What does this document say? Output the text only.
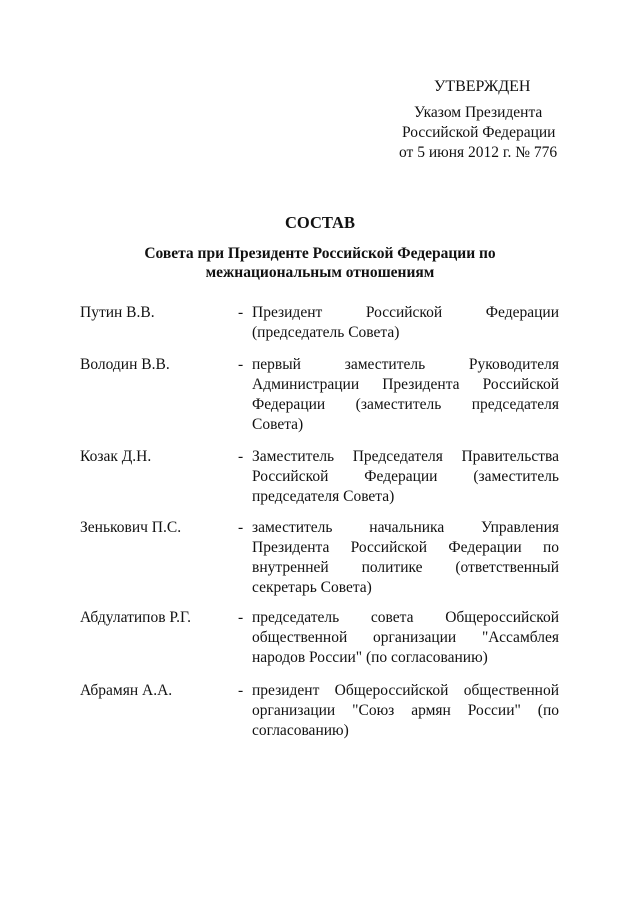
УТВЕРЖДЕН
Указом Президента
Российской Федерации
от 5 июня 2012 г. № 776
СОСТАВ
Совета при Президенте Российской Федерации по межнациональным отношениям
Путин В.В.	- Президент Российской Федерации (председатель Совета)
Володин В.В.	- первый заместитель Руководителя Администрации Президента Российской Федерации (заместитель председателя Совета)
Козак Д.Н.	- Заместитель Председателя Правительства Российской Федерации (заместитель председателя Совета)
Зенькович П.С.	- заместитель начальника Управления Президента Российской Федерации по внутренней политике (ответственный секретарь Совета)
Абдулатипов Р.Г.	- председатель совета Общероссийской общественной организации "Ассамблея народов России" (по согласованию)
Абрамян А.А.	- президент Общероссийской общественной организации "Союз армян России" (по согласованию)
